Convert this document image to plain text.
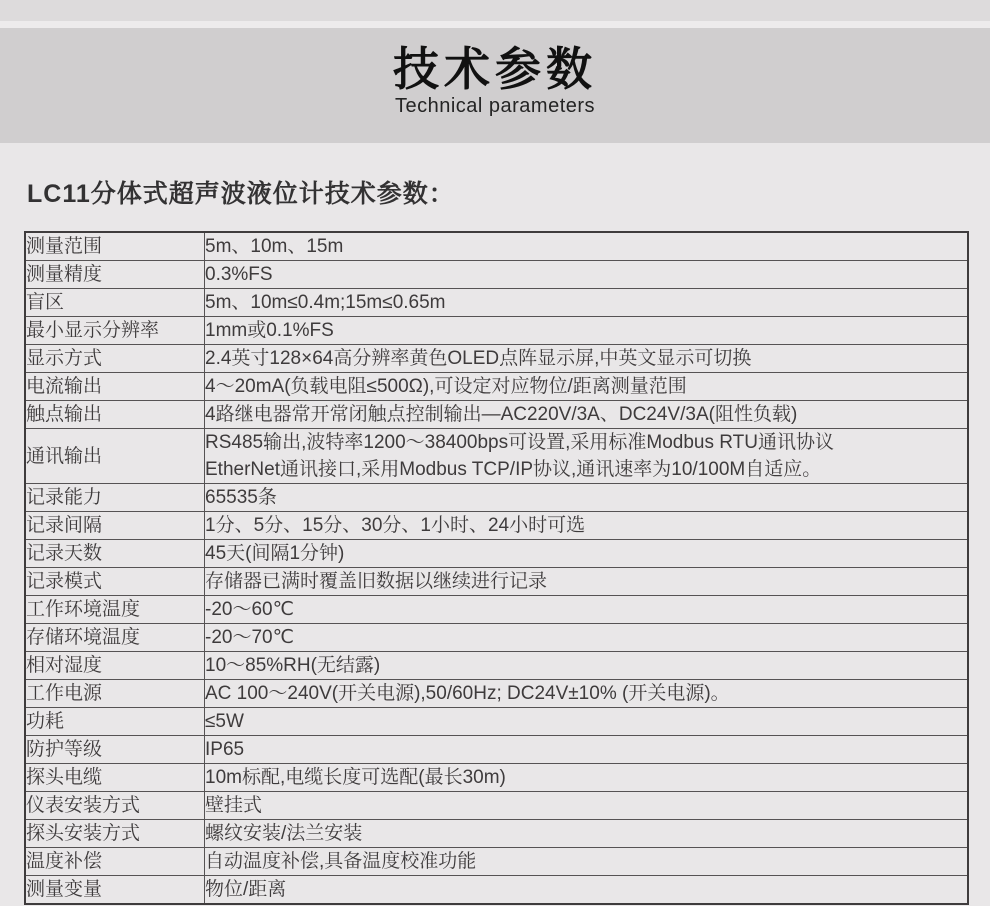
技术参数
Technical parameters
LC11分体式超声波液位计技术参数：
测量范围	5m、10m、15m

测量精度	0.3%FS

盲区	5m、10m≤0.4m;15m≤0.65m

最小显示分辨率	1mm或0.1%FS

显示方式	2.4英寸128×64高分辨率黄色OLED点阵显示屏,中英文显示可切换

电流输出	4～20mA(负载电阻≤500Ω),可设定对应物位/距离测量范围

触点输出	4路继电器常开常闭触点控制输出—AC220V/3A、DC24V/3A(阻性负载)

通讯输出	RS485输出,波特率1200～38400bps可设置,采用标准Modbus RTU通讯协议
EtherNet通讯接口,采用Modbus TCP/IP协议,通讯速率为10/100M自适应。

记录能力	65535条

记录间隔	1分、5分、15分、30分、1小时、24小时可选

记录天数	45天(间隔1分钟)

记录模式	存储器已满时覆盖旧数据以继续进行记录

工作环境温度	-20～60℃

存储环境温度	-20～70℃

相对湿度	10～85%RH(无结露)

工作电源	AC 100～240V(开关电源),50/60Hz; DC24V±10% (开关电源)。

功耗	≤5W

防护等级	IP65

探头电缆	10m标配,电缆长度可选配(最长30m)

仪表安装方式	壁挂式

探头安装方式	螺纹安装/法兰安装

温度补偿	自动温度补偿,具备温度校准功能

测量变量	物位/距离
